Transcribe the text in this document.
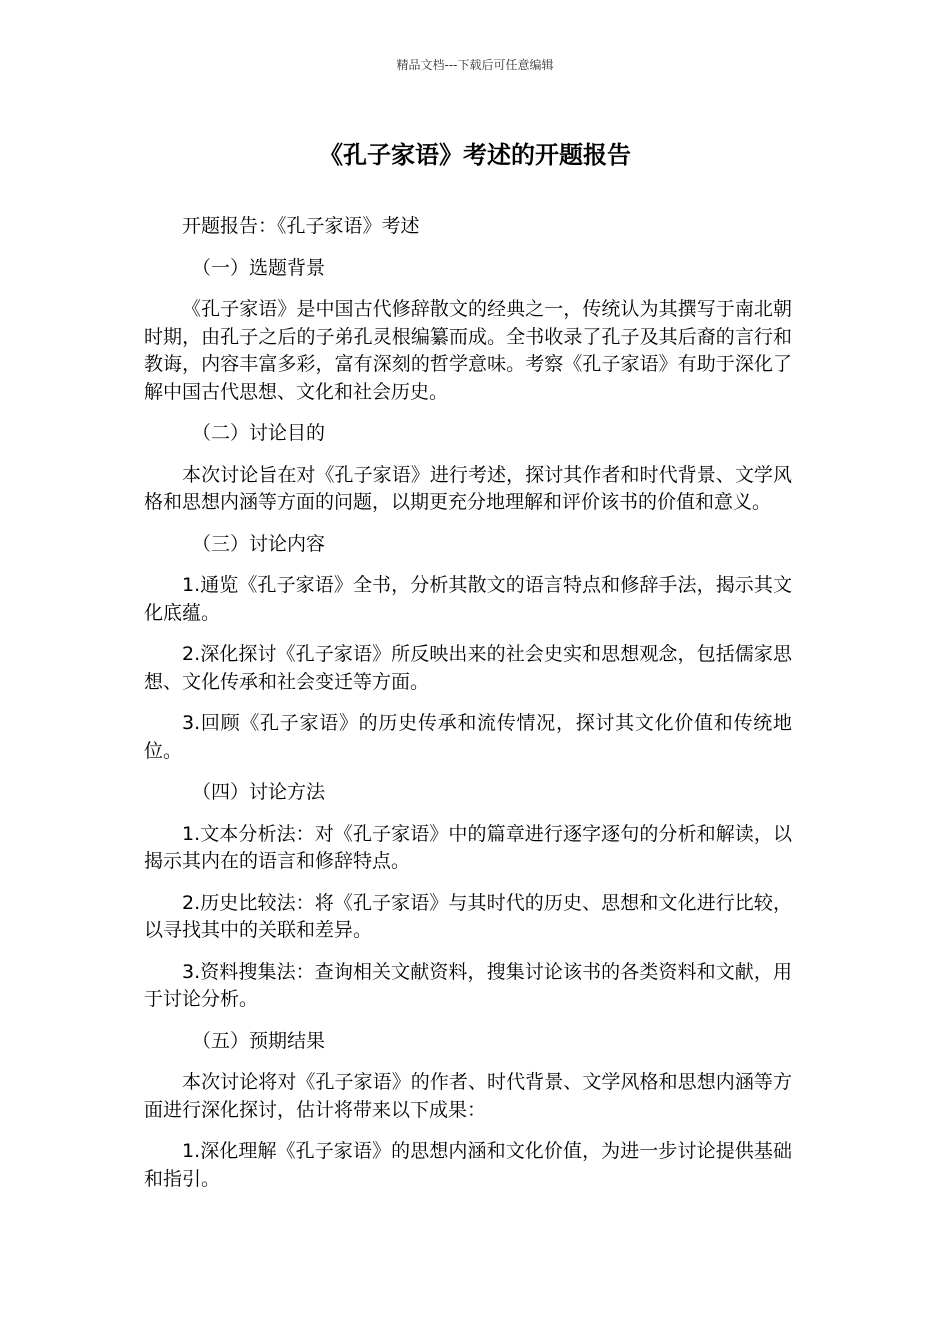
精品文档---下载后可任意编辑
《孔子家语》考述的开题报告

开题报告：《孔子家语》考述

（一）选题背景

《孔子家语》是中国古代修辞散文的经典之一，传统认为其撰写于南北朝时期，由孔子之后的子弟孔灵根编纂而成。全书收录了孔子及其后裔的言行和教诲，内容丰富多彩，富有深刻的哲学意味。考察《孔子家语》有助于深化了解中国古代思想、文化和社会历史。

（二）讨论目的

本次讨论旨在对《孔子家语》进行考述，探讨其作者和时代背景、文学风格和思想内涵等方面的问题，以期更充分地理解和评价该书的价值和意义。

（三）讨论内容

1.通览《孔子家语》全书，分析其散文的语言特点和修辞手法，揭示其文化底蕴。

2.深化探讨《孔子家语》所反映出来的社会史实和思想观念，包括儒家思想、文化传承和社会变迁等方面。

3.回顾《孔子家语》的历史传承和流传情况，探讨其文化价值和传统地位。

（四）讨论方法

1.文本分析法：对《孔子家语》中的篇章进行逐字逐句的分析和解读，以揭示其内在的语言和修辞特点。

2.历史比较法：将《孔子家语》与其时代的历史、思想和文化进行比较，以寻找其中的关联和差异。

3.资料搜集法：查询相关文献资料，搜集讨论该书的各类资料和文献，用于讨论分析。

（五）预期结果

本次讨论将对《孔子家语》的作者、时代背景、文学风格和思想内涵等方面进行深化探讨，估计将带来以下成果：

1.深化理解《孔子家语》的思想内涵和文化价值，为进一步讨论提供基础和指引。
